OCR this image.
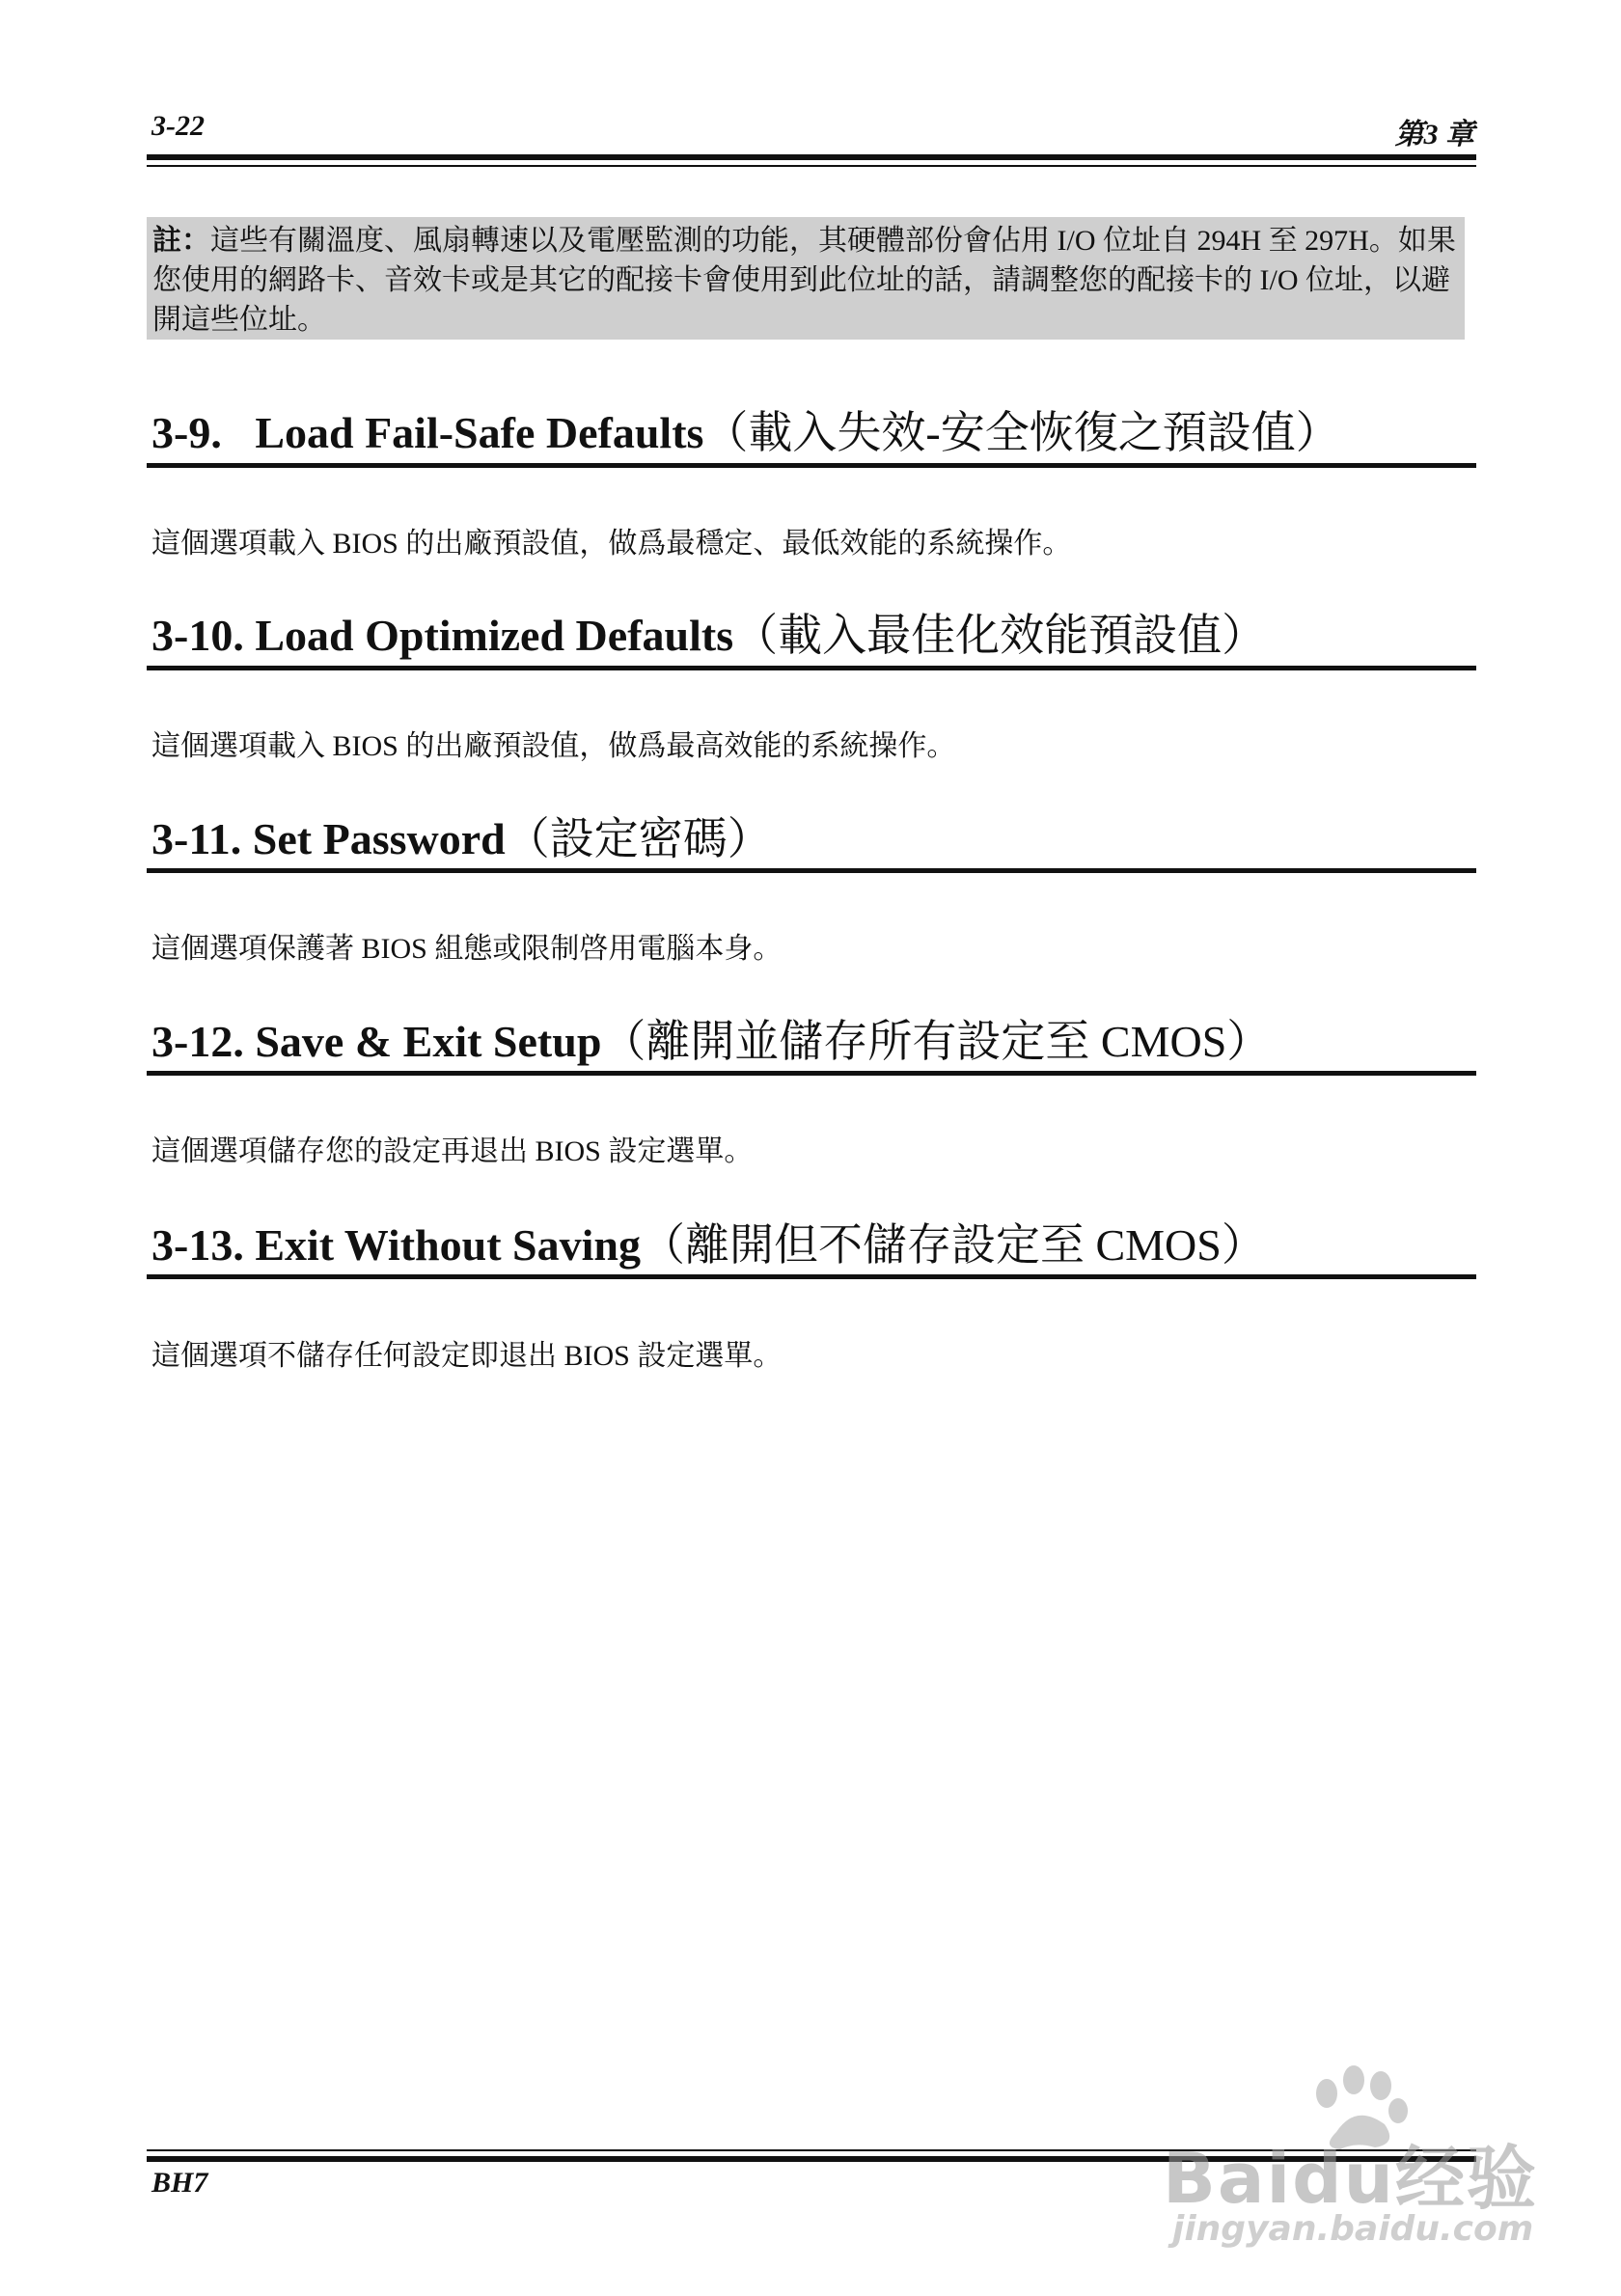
3-22	第3 章
註：這些有關溫度、風扇轉速以及電壓監測的功能，其硬體部份會佔用 I/O 位址自 294H 至 297H。如果您使用的網路卡、音效卡或是其它的配接卡會使用到此位址的話，請調整您的配接卡的 I/O 位址，以避開這些位址。
3-9.   Load Fail-Safe Defaults（載入失效-安全恢復之預設值）
這個選項載入 BIOS 的出廠預設值，做爲最穩定、最低效能的系統操作。
3-10. Load Optimized Defaults（載入最佳化效能預設值）
這個選項載入 BIOS 的出廠預設值，做爲最高效能的系統操作。
3-11. Set Password（設定密碼）
這個選項保護著 BIOS 組態或限制啓用電腦本身。
3-12. Save & Exit Setup（離開並儲存所有設定至 CMOS）
這個選項儲存您的設定再退出 BIOS 設定選單。
3-13. Exit Without Saving（離開但不儲存設定至 CMOS）
這個選項不儲存任何設定即退出 BIOS 設定選單。
BH7	Baidu经验
jingyan.baidu.com
